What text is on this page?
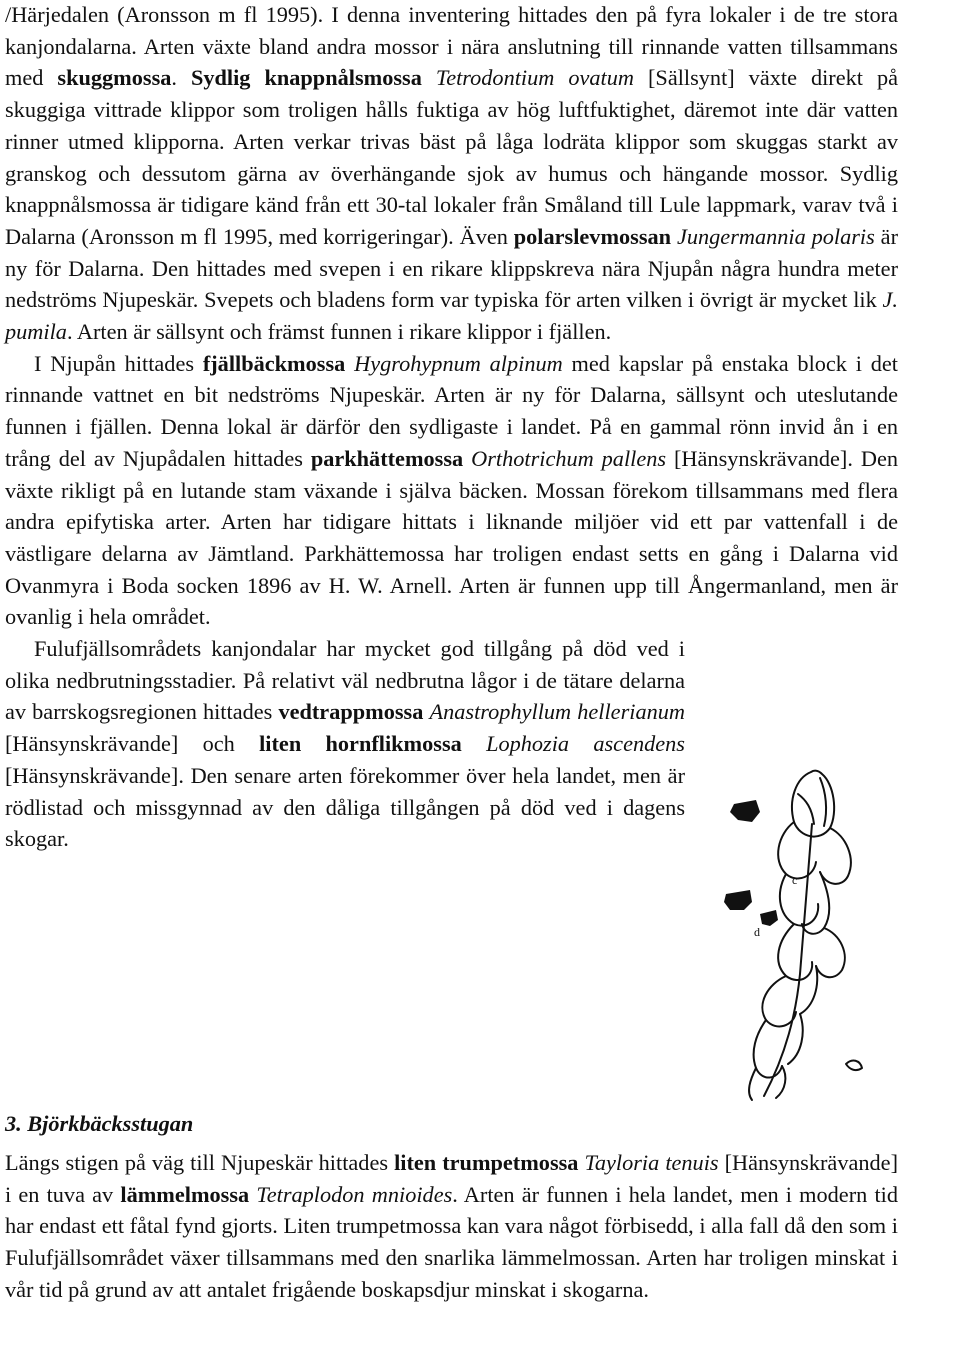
/Härjedalen (Aronsson m fl 1995). I denna inventering hittades den på fyra lokaler i de tre stora kanjondalarna. Arten växte bland andra mossor i nära anslutning till rinnande vatten tillsammans med skuggmossa. Sydlig knappnålsmossa Tetrodontium ovatum [Sällsynt] växte direkt på skuggiga vittrade klippor som troligen hålls fuktiga av hög luftfuktighet, däremot inte där vatten rinner utmed klipporna. Arten verkar trivas bäst på låga lodräta klippor som skuggas starkt av granskog och dessutom gärna av överhängande sjok av humus och hängande mossor. Sydlig knappnålsmossa är tidigare känd från ett 30-tal lokaler från Småland till Lule lappmark, varav två i Dalarna (Aronsson m fl 1995, med korrigeringar). Även polarslevmossan Jungermannia polaris är ny för Dalarna. Den hittades med svepen i en rikare klippskreva nära Njupån några hundra meter nedströms Njupeskär. Svepets och bladens form var typiska för arten vilken i övrigt är mycket lik J. pumila. Arten är sällsynt och främst funnen i rikare klippor i fjällen.

I Njupån hittades fjällbäckmossa Hygrohypnum alpinum med kapslar på enstaka block i det rinnande vattnet en bit nedströms Njupeskär. Arten är ny för Dalarna, sällsynt och uteslutande funnen i fjällen. Denna lokal är därför den sydligaste i landet. På en gammal rönn invid ån i en trång del av Njupådalen hittades parkhättemossa Orthotrichum pallens [Hänsynskrävande]. Den växte rikligt på en lutande stam växande i själva bäcken. Mossan förekom tillsammans med flera andra epifytiska arter. Arten har tidigare hittats i liknande miljöer vid ett par vattenfall i de västligare delarna av Jämtland. Parkhättemossa har troligen endast setts en gång i Dalarna vid Ovanmyra i Boda socken 1896 av H. W. Arnell. Arten är funnen upp till Ångermanland, men är ovanlig i hela området.

Fulufjällsområdets kanjondalar har mycket god tillgång på död ved i olika nedbrutningsstadier. På relativt väl nedbrutna lågor i de tätare delarna av barrskogsregionen hittades vedtrappmossa Anastrophyllum hellerianum [Hänsynskrävande] och liten hornflikmossa Lophozia ascendens [Hänsynskrävande]. Den senare arten förekommer över hela landet, men är rödlistad och missgynnad av den dåliga tillgången på död ved i dagens skogar.

c
d
3. Björkbäcksstugan

Längs stigen på väg till Njupeskär hittades liten trumpetmossa Tayloria tenuis [Hänsynskrävande] i en tuva av lämmelmossa Tetraplodon mnioides. Arten är funnen i hela landet, men i modern tid har endast ett fåtal fynd gjorts. Liten trumpetmossa kan vara något förbisedd, i alla fall då den som i Fulufjällsområdet växer tillsammans med den snarlika lämmelmossan. Arten har troligen minskat i vår tid på grund av att antalet frigående boskapsdjur minskat i skogarna.
